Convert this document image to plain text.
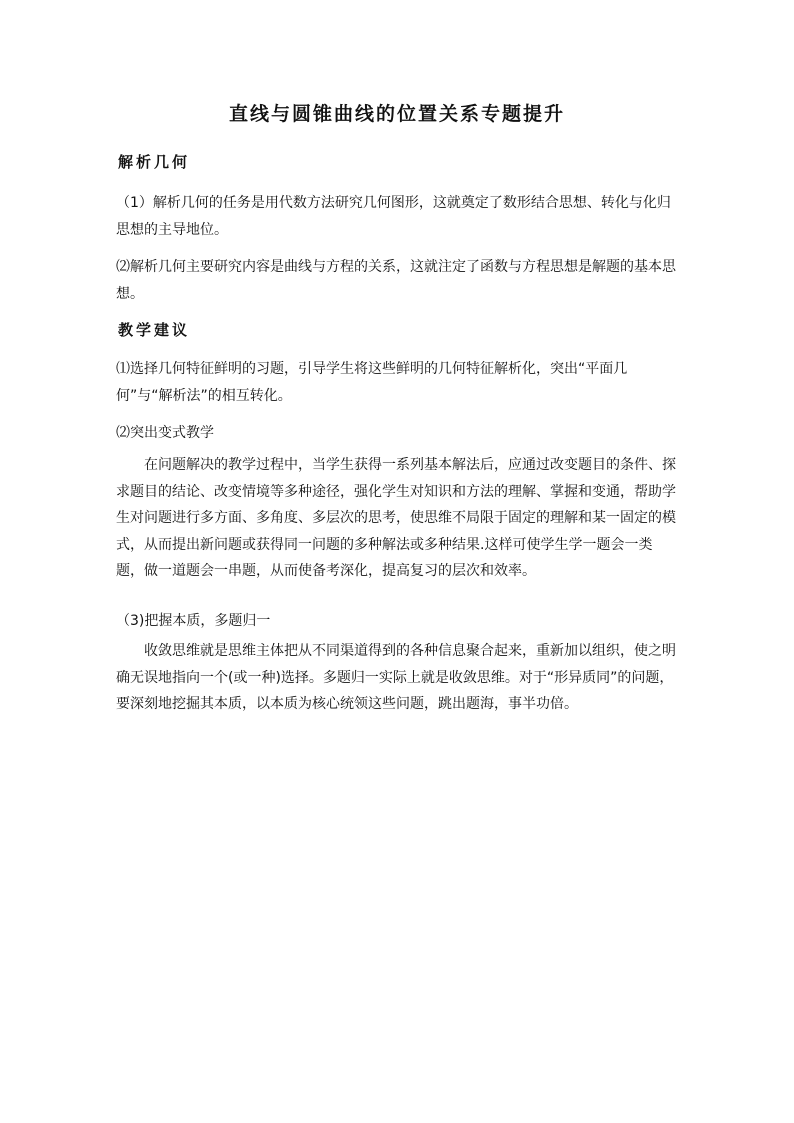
直线与圆锥曲线的位置关系专题提升
解析几何

（1）解析几何的任务是用代数方法研究几何图形，这就奠定了数形结合思想、转化与化归思想的主导地位。

⑵解析几何主要研究内容是曲线与方程的关系，这就注定了函数与方程思想是解题的基本思想。

教学建议

⑴选择几何特征鲜明的习题，引导学生将这些鲜明的几何特征解析化，突出“平面几何”与“解析法”的相互转化。

⑵突出变式教学

在问题解决的教学过程中，当学生获得一系列基本解法后，应通过改变题目的条件、探求题目的结论、改变情境等多种途径，强化学生对知识和方法的理解、掌握和变通，帮助学生对问题进行多方面、多角度、多层次的思考，使思维不局限于固定的理解和某一固定的模式，从而提出新问题或获得同一问题的多种解法或多种结果.这样可使学生学一题会一类题，做一道题会一串题，从而使备考深化，提高复习的层次和效率。

（3)把握本质，多题归一

收敛思维就是思维主体把从不同渠道得到的各种信息聚合起来，重新加以组织，使之明确无误地指向一个(或一种)选择。多题归一实际上就是收敛思维。对于“形异质同”的问题，要深刻地挖掘其本质，以本质为核心统领这些问题，跳出题海，事半功倍。
